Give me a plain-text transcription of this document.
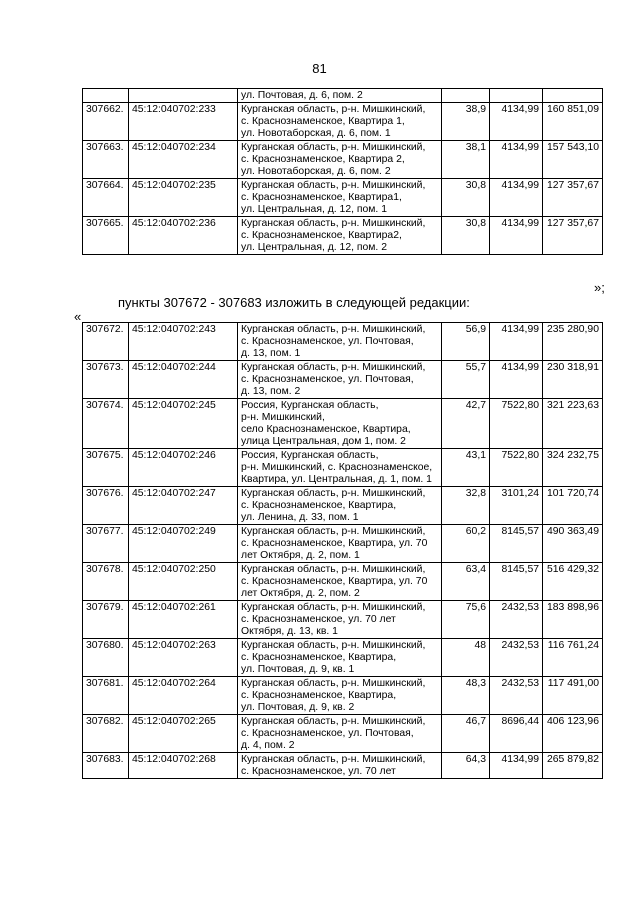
81
		ул. Почтовая, д. 6, пом. 2			
307662.	45:12:040702:233	Курганская область, р-н. Мишкинский,
с. Краснознаменское, Квартира 1,
ул. Новотаборская, д. 6, пом. 1	38,9	4134,99	160 851,09
307663.	45:12:040702:234	Курганская область, р-н. Мишкинский,
с. Краснознаменское, Квартира 2,
ул. Новотаборская, д. 6, пом. 2	38,1	4134,99	157 543,10
307664.	45:12:040702:235	Курганская область, р-н. Мишкинский,
с. Краснознаменское, Квартира1,
ул. Центральная, д. 12, пом. 1	30,8	4134,99	127 357,67
307665.	45:12:040702:236	Курганская область, р-н. Мишкинский,
с. Краснознаменское, Квартира2,
ул. Центральная, д. 12, пом. 2	30,8	4134,99	127 357,67
»;
пункты 307672 - 307683 изложить в следующей редакции:
«
307672.	45:12:040702:243	Курганская область, р-н. Мишкинский,
с. Краснознаменское, ул. Почтовая,
д. 13, пом. 1	56,9	4134,99	235 280,90
307673.	45:12:040702:244	Курганская область, р-н. Мишкинский,
с. Краснознаменское, ул. Почтовая,
д. 13, пом. 2	55,7	4134,99	230 318,91
307674.	45:12:040702:245	Россия, Курганская область,
р-н. Мишкинский,
село Краснознаменское, Квартира,
улица Центральная, дом 1, пом. 2	42,7	7522,80	321 223,63
307675.	45:12:040702:246	Россия, Курганская область,
р-н. Мишкинский, с. Краснознаменское,
Квартира, ул. Центральная, д. 1, пом. 1	43,1	7522,80	324 232,75
307676.	45:12:040702:247	Курганская область, р-н. Мишкинский,
с. Краснознаменское, Квартира,
ул. Ленина, д. 33, пом. 1	32,8	3101,24	101 720,74
307677.	45:12:040702:249	Курганская область, р-н. Мишкинский,
с. Краснознаменское, Квартира, ул. 70
лет Октября, д. 2, пом. 1	60,2	8145,57	490 363,49
307678.	45:12:040702:250	Курганская область, р-н. Мишкинский,
с. Краснознаменское, Квартира, ул. 70
лет Октября, д. 2, пом. 2	63,4	8145,57	516 429,32
307679.	45:12:040702:261	Курганская область, р-н. Мишкинский,
с. Краснознаменское, ул. 70 лет
Октября, д. 13, кв. 1	75,6	2432,53	183 898,96
307680.	45:12:040702:263	Курганская область, р-н. Мишкинский,
с. Краснознаменское, Квартира,
ул. Почтовая, д. 9, кв. 1	48	2432,53	116 761,24
307681.	45:12:040702:264	Курганская область, р-н. Мишкинский,
с. Краснознаменское, Квартира,
ул. Почтовая, д. 9, кв. 2	48,3	2432,53	117 491,00
307682.	45:12:040702:265	Курганская область, р-н. Мишкинский,
с. Краснознаменское, ул. Почтовая,
д. 4, пом. 2	46,7	8696,44	406 123,96
307683.	45:12:040702:268	Курганская область, р-н. Мишкинский,
с. Краснознаменское, ул. 70 лет	64,3	4134,99	265 879,82
